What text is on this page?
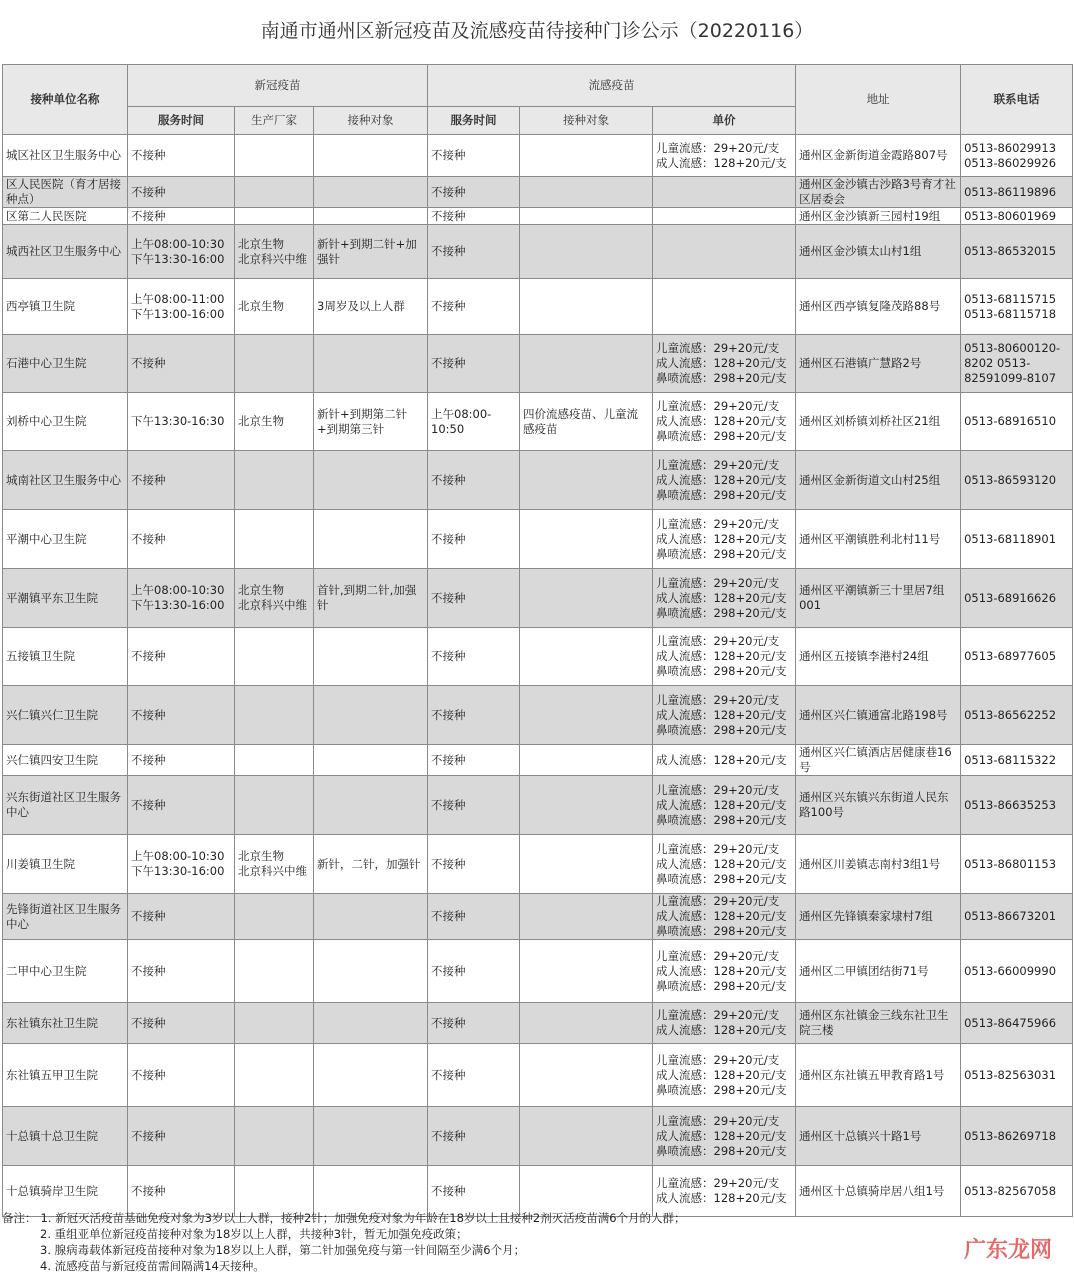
南通市通州区新冠疫苗及流感疫苗待接种门诊公示（20220116）
接种单位名称	新冠疫苗			流感疫苗			地址	联系电话
	服务时间	生产厂家	接种对象	服务时间	接种对象	单价		
城区社区卫生服务中心	不接种			不接种		儿童流感：29+20元/支
成人流感：128+20元/支	通州区金新街道金霞路807号	0513-86029913
0513-86029926
区人民医院（育才居接种点）	不接种			不接种			通州区金沙镇古沙路3号育才社区居委会	0513-86119896
区第二人民医院	不接种			不接种			通州区金沙镇新三园村19组	0513-80601969
城西社区卫生服务中心	上午08:00-10:30
下午13:30-16:00	北京生物
北京科兴中维	新针+到期二针+加强针	不接种			通州区金沙镇太山村1组	0513-86532015
西亭镇卫生院	上午08:00-11:00
下午13:00-16:00	北京生物	3周岁及以上人群	不接种			通州区西亭镇复隆茂路88号	0513-68115715
0513-68115718
石港中心卫生院	不接种			不接种		儿童流感：29+20元/支
成人流感：128+20元/支
鼻喷流感：298+20元/支	通州区石港镇广慧路2号	0513-80600120-8202 0513-82591099-8107
刘桥中心卫生院	下午13:30-16:30	北京生物	新针+到期第二针+到期第三针	上午08:00-10:50	四价流感疫苗、儿童流感疫苗	儿童流感：29+20元/支
成人流感：128+20元/支
鼻喷流感：298+20元/支	通州区刘桥镇刘桥社区21组	0513-68916510
城南社区卫生服务中心	不接种			不接种		儿童流感：29+20元/支
成人流感：128+20元/支
鼻喷流感：298+20元/支	通州区金新街道文山村25组	0513-86593120
平潮中心卫生院	不接种			不接种		儿童流感：29+20元/支
成人流感：128+20元/支
鼻喷流感：298+20元/支	通州区平潮镇胜利北村11号	0513-68118901
平潮镇平东卫生院	上午08:00-10:30
下午13:30-16:00	北京生物
北京科兴中维	首针,到期二针,加强针	不接种		儿童流感：29+20元/支
成人流感：128+20元/支
鼻喷流感：298+20元/支	通州区平潮镇新三十里居7组001	0513-68916626
五接镇卫生院	不接种			不接种		儿童流感：29+20元/支
成人流感：128+20元/支
鼻喷流感：298+20元/支	通州区五接镇李港村24组	0513-68977605
兴仁镇兴仁卫生院	不接种			不接种		儿童流感：29+20元/支
成人流感：128+20元/支
鼻喷流感：298+20元/支	通州区兴仁镇通富北路198号	0513-86562252
兴仁镇四安卫生院	不接种			不接种		成人流感：128+20元/支	通州区兴仁镇酒店居健康巷16号	0513-68115322
兴东街道社区卫生服务中心	不接种			不接种		儿童流感：29+20元/支
成人流感：128+20元/支
鼻喷流感：298+20元/支	通州区兴东镇兴东街道人民东路100号	0513-86635253
川姜镇卫生院	上午08:00-10:30
下午13:30-16:00	北京生物
北京科兴中维	新针，二针，加强针	不接种		儿童流感：29+20元/支
成人流感：128+20元/支
鼻喷流感：298+20元/支	通州区川姜镇志南村3组1号	0513-86801153
先锋街道社区卫生服务中心	不接种			不接种		儿童流感：29+20元/支
成人流感：128+20元/支
鼻喷流感：298+20元/支	通州区先锋镇秦家埭村7组	0513-86673201
二甲中心卫生院	不接种			不接种		儿童流感：29+20元/支
成人流感：128+20元/支
鼻喷流感：298+20元/支	通州区二甲镇团结街71号	0513-66009990
东社镇东社卫生院	不接种			不接种		儿童流感：29+20元/支
成人流感：128+20元/支	通州区东社镇金三线东社卫生院三楼	0513-86475966
东社镇五甲卫生院	不接种			不接种		儿童流感：29+20元/支
成人流感：128+20元/支
鼻喷流感：298+20元/支	通州区东社镇五甲教育路1号	0513-82563031
十总镇十总卫生院	不接种			不接种		儿童流感：29+20元/支
成人流感：128+20元/支
鼻喷流感：298+20元/支	通州区十总镇兴十路1号	0513-86269718
十总镇骑岸卫生院	不接种			不接种		儿童流感：29+20元/支
成人流感：128+20元/支	通州区十总镇骑岸居八组1号	0513-82567058
备注： 1. 新冠灭活疫苗基础免疫对象为3岁以上人群，接种2针；加强免疫对象为年龄在18岁以上且接种2剂灭活疫苗满6个月的人群；
2. 重组亚单位新冠疫苗接种对象为18岁以上人群，共接种3针，暂无加强免疫政策；
3. 腺病毒载体新冠疫苗接种对象为18岁以上人群，第二针加强免疫与第一针间隔至少满6个月；
4. 流感疫苗与新冠疫苗需间隔满14天接种。
广东龙网
